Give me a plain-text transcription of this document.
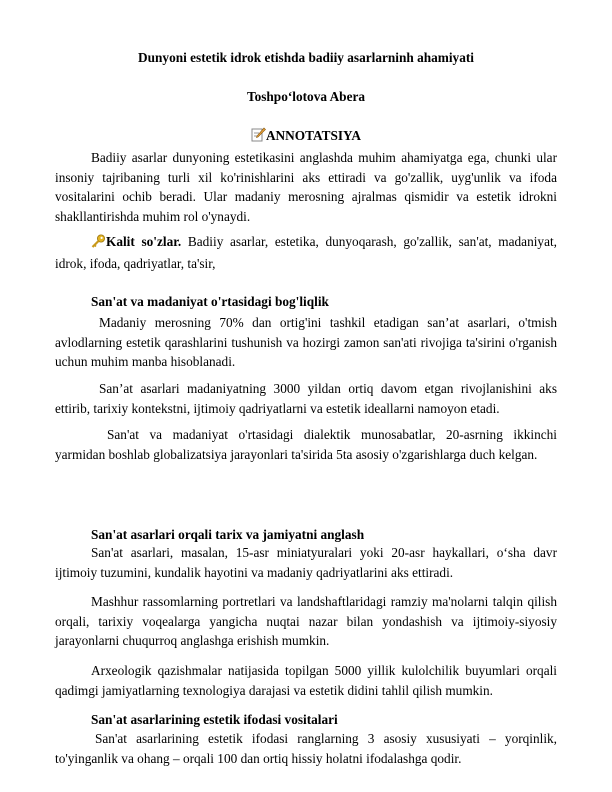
Dunyoni estetik idrok etishda badiiy asarlarninh ahamiyati
Toshpo‘lotova Abera
ANNOTATSIYA

Badiiy asarlar dunyoning estetikasini anglashda muhim ahamiyatga ega, chunki ular insoniy tajribaning turli xil ko'rinishlarini aks ettiradi va go'zallik, uyg'unlik va ifoda vositalarini ochib beradi. Ular madaniy merosning ajralmas qismidir va estetik idrokni shakllantirishda muhim rol o'ynaydi.

Kalit so'zlar. Badiiy asarlar, estetika, dunyoqarash, go'zallik, san'at, madaniyat, idrok, ifoda, qadriyatlar, ta'sir,

San'at va madaniyat o'rtasidagi bog'liqlik

Madaniy merosning 70% dan ortig'ini tashkil etadigan san’at asarlari, o'tmish avlodlarning estetik qarashlarini tushunish va hozirgi zamon san'ati rivojiga ta'sirini o'rganish uchun muhim manba hisoblanadi.

San’at asarlari madaniyatning 3000 yildan ortiq davom etgan rivojlanishini aks ettirib, tarixiy kontekstni, ijtimoiy qadriyatlarni va estetik ideallarni namoyon etadi.

San'at va madaniyat o'rtasidagi dialektik munosabatlar, 20-asrning ikkinchi yarmidan boshlab globalizatsiya jarayonlari ta'sirida 5ta asosiy o'zgarishlarga duch kelgan.

San'at asarlari orqali tarix va jamiyatni anglash

San'at asarlari, masalan, 15-asr miniatyuralari yoki 20-asr haykallari, o‘sha davr ijtimoiy tuzumini, kundalik hayotini va madaniy qadriyatlarini aks ettiradi.

Mashhur rassomlarning portretlari va landshaftlaridagi ramziy ma'nolarni talqin qilish orqali, tarixiy voqealarga yangicha nuqtai nazar bilan yondashish va ijtimoiy-siyosiy jarayonlarni chuqurroq anglashga erishish mumkin.

Arxeologik qazishmalar natijasida topilgan 5000 yillik kulolchilik buyumlari orqali qadimgi jamiyatlarning texnologiya darajasi va estetik didini tahlil qilish mumkin.

San'at asarlarining estetik ifodasi vositalari

San'at asarlarining estetik ifodasi ranglarning 3 asosiy xususiyati – yorqinlik, to'yinganlik va ohang – orqali 100 dan ortiq hissiy holatni ifodalashga qodir.
